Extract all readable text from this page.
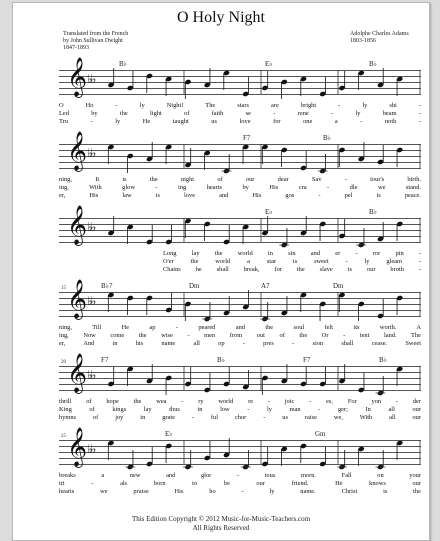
O Holy Night
Translated from the French
by John Sullivan Dwight
1847-1893
Adolphe Charles Adams
1803-1856
𝄞 ♭♭
B♭	E♭	B♭
O Ho - ly Night! The stars are bright - ly shi -
Led by the light of faith se - rene - ly beam -
Tru - ly He taught us love for one a - noth -
𝄞 ♭♭
F7	B♭
ning, It is the night of our dear Sav - iour's birth.
ing, With glow - ing hearts by His cra - dle we stand.
er, His law is love and His gos - pel is peace.
𝄞 ♭♭
E♭	B♭
Long lay the world in sin and er - ror pin -
O'er the world a star is sweet - ly gleam -
Chains he shall break, for the slave is our broth -
15 𝄞 ♭♭
B♭7	Dm	A7	Dm
ning, Till He ap - peared and the soul felt its worth. A
ing, Now come the wise - men from out of the Or - ient land. The
er, And in his name all op - pres - sion shall cease. Sweet
20 𝄞 ♭♭
F7	B♭	F7	B♭
thrill of hope the wea - ry world re - joic - es, For yon - der
King of kings lay thus in low - ly man - ger; In all our
hymns of joy in grate - ful chor - us raise we, With all our
25 𝄞 ♭♭
E♭	Gm
breaks a new and glor - ious morn. Fall on your
tri - als born to be our friend. He knows our
hearts we praise His ho - ly name. Christ is the
This Edition Copyright © 2012 Music-for-Music-Teachers.com
All Rights Reserved
